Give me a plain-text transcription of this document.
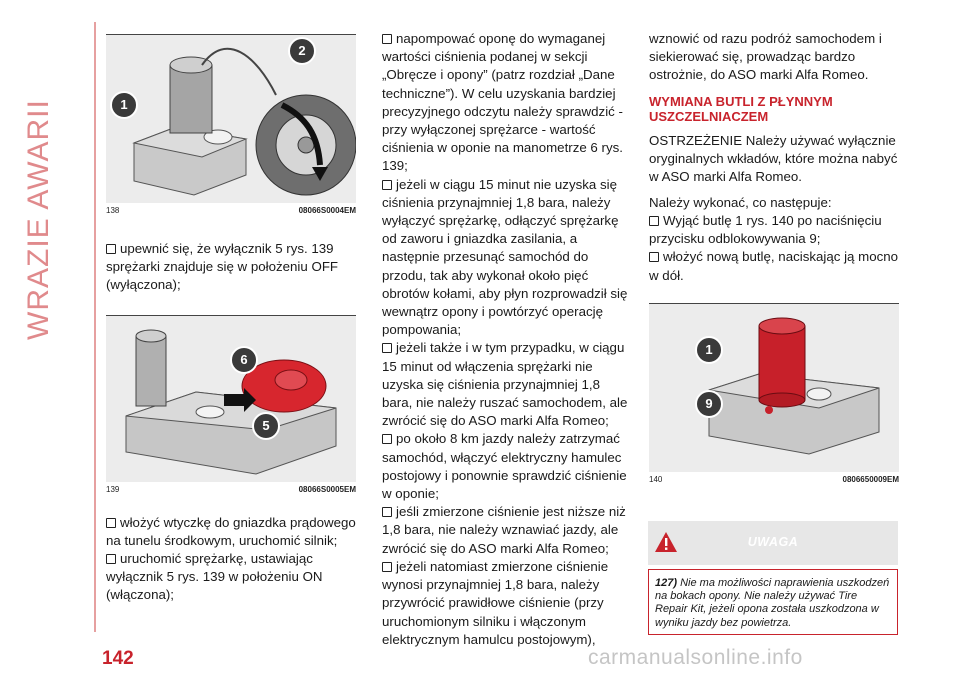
WRAZIE AWARII	1
2
138	08066S0004EM
upewnić się, że wyłącznik 5 rys. 139 sprężarki znajduje się w położeniu OFF (wyłączona);
6
5
139	08066S0005EM
włożyć wtyczkę do gniazdka prądowego na tunelu środkowym, uruchomić silnik;
uruchomić sprężarkę, ustawiając wyłącznik 5 rys. 139 w położeniu ON (włączona);
napompować oponę do wymaganej wartości ciśnienia podanej w sekcji „Obręcze i opony” (patrz rozdział „Dane techniczne”). W celu uzyskania bardziej precyzyjnego odczytu należy sprawdzić - przy wyłączonej sprężarce - wartość ciśnienia w oponie na manometrze 6 rys. 139;
jeżeli w ciągu 15 minut nie uzyska się ciśnienia przynajmniej 1,8 bara, należy wyłączyć sprężarkę, odłączyć sprężarkę od zaworu i gniazdka zasilania, a następnie przesunąć samochód do przodu, tak aby wykonał około pięć obrotów kołami, aby płyn rozprowadził się wewnątrz opony i powtórzyć operację pompowania;
jeżeli także i w tym przypadku, w ciągu 15 minut od włączenia sprężarki nie uzyska się ciśnienia przynajmniej 1,8 bara, nie należy ruszać samochodem, ale zwrócić się do ASO marki Alfa Romeo;
po około 8 km jazdy należy zatrzymać samochód, włączyć elektryczny hamulec postojowy i ponownie sprawdzić ciśnienie w oponie;
jeśli zmierzone ciśnienie jest niższe niż 1,8 bara, nie należy wznawiać jazdy, ale zwrócić się do ASO marki Alfa Romeo;
jeżeli natomiast zmierzone ciśnienie wynosi przynajmniej 1,8 bara, należy przywrócić prawidłowe ciśnienie (przy uruchomionym silniku i włączonym elektrycznym hamulcu postojowym),

wznowić od razu podróż samochodem i siekierować się, prowadząc bardzo ostrożnie, do ASO marki Alfa Romeo.

WYMIANA BUTLI Z PŁYNNYM USZCZELNIACZEM

OSTRZEŻENIE Należy używać wyłącznie oryginalnych wkładów, które można nabyć w ASO marki Alfa Romeo.

Należy wykonać, co następuje:

Wyjąć butlę 1 rys. 140 po naciśnięciu przycisku odblokowywania 9;
włożyć nową butlę, naciskając ją mocno w dół.
1
9
140	0806650009EM
UWAGA
127) Nie ma możliwości naprawienia uszkodzeń na bokach opony. Nie należy używać Tire Repair Kit, jeżeli opona została uszkodzona w wyniku jazdy bez powietrza.
142	carmanualsonline.info
